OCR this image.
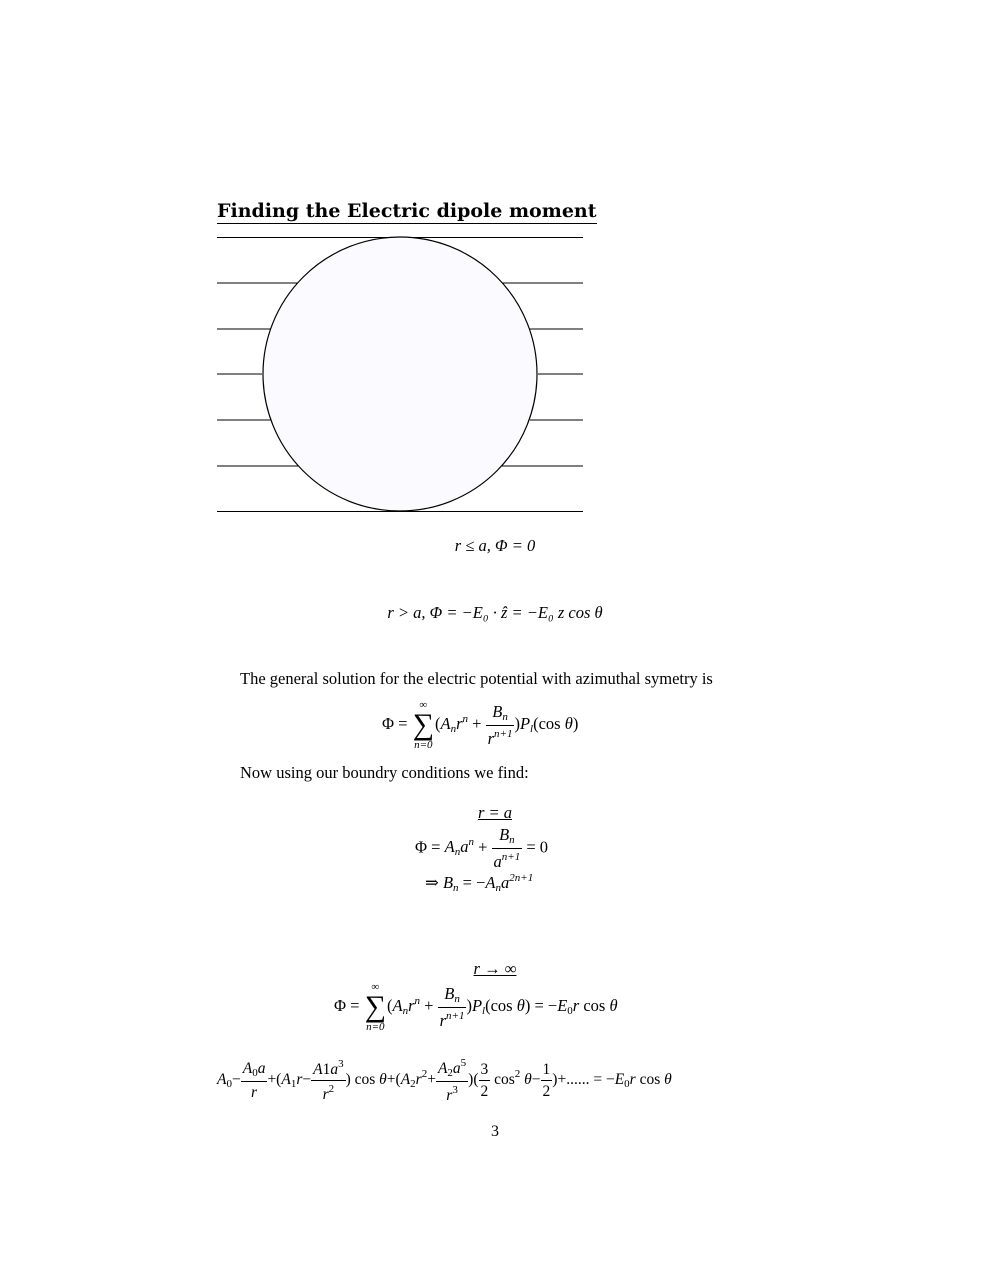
Finding the Electric dipole moment
r ≤ a, Φ = 0
r > a, Φ = −E₀ · ẑ = −E₀ z cos θ
The general solution for the electric potential with azimuthal symetry is
Φ =
∞
∑
n=0
$(A_nr^n + \frac{B_n}{r^{n+1}} )P_l(\cos$ θ)
Now using our boundry conditions we find:
r = a
$\Phi = A_na^n + \frac{B_n}{a^{n+1}} = 0$
⇒ $B_n = -A_na^{2n+1}$
r → ∞
Φ =
∞
∑
n=0
$(A_nr^n + \frac{B_n}{r^{n+1}} )P_l(\cos$ $\theta) = -E_0r$ cos θ
$A_0- \frac{A_0a}{r} +(A_1r- \frac{A1a^3}{r^2}$ ) $\cos \theta+(A_2r^2+ \frac{A_2a^5}{r^3}$ )( $\frac{3}{2} \cos^2 \theta- \frac{1}{2}$ )+...... = $-E_0r$ cos θ
3
